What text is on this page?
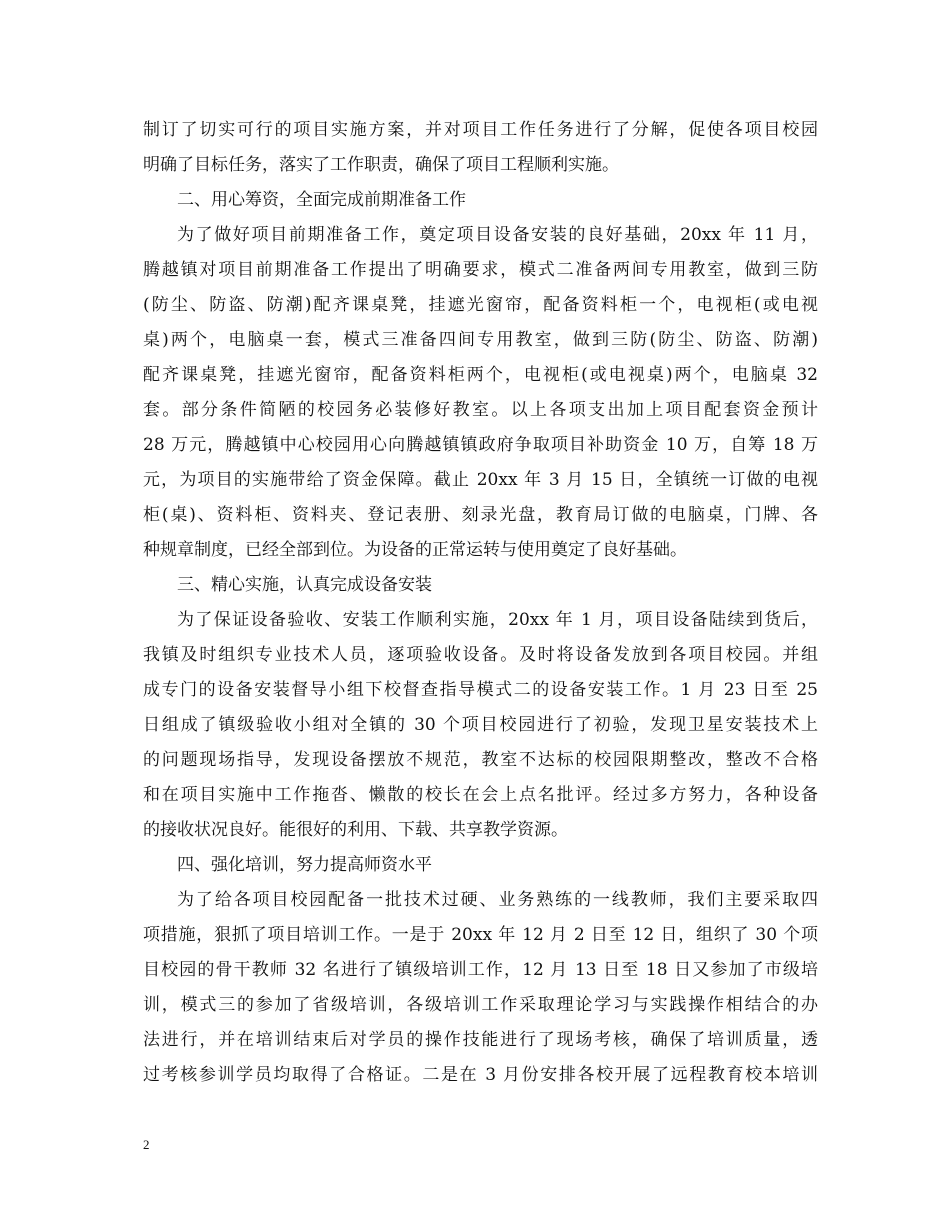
制订了切实可行的项目实施方案，并对项目工作任务进行了分解，促使各项目校园
明确了目标任务，落实了工作职责，确保了项目工程顺利实施。
二、用心筹资，全面完成前期准备工作
为了做好项目前期准备工作，奠定项目设备安装的良好基础，20xx 年 11 月，
腾越镇对项目前期准备工作提出了明确要求，模式二准备两间专用教室，做到三防
(防尘、防盗、防潮)配齐课桌凳，挂遮光窗帘，配备资料柜一个，电视柜(或电视
桌)两个，电脑桌一套，模式三准备四间专用教室，做到三防(防尘、防盗、防潮)
配齐课桌凳，挂遮光窗帘，配备资料柜两个，电视柜(或电视桌)两个，电脑桌 32
套。部分条件简陋的校园务必装修好教室。以上各项支出加上项目配套资金预计
28 万元，腾越镇中心校园用心向腾越镇镇政府争取项目补助资金 10 万，自筹 18 万
元，为项目的实施带给了资金保障。截止 20xx 年 3 月 15 日，全镇统一订做的电视
柜(桌)、资料柜、资料夹、登记表册、刻录光盘，教育局订做的电脑桌，门牌、各
种规章制度，已经全部到位。为设备的正常运转与使用奠定了良好基础。
三、精心实施，认真完成设备安装
为了保证设备验收、安装工作顺利实施，20xx 年 1 月，项目设备陆续到货后，
我镇及时组织专业技术人员，逐项验收设备。及时将设备发放到各项目校园。并组
成专门的设备安装督导小组下校督查指导模式二的设备安装工作。1 月 23 日至 25
日组成了镇级验收小组对全镇的 30 个项目校园进行了初验，发现卫星安装技术上
的问题现场指导，发现设备摆放不规范，教室不达标的校园限期整改，整改不合格
和在项目实施中工作拖沓、懒散的校长在会上点名批评。经过多方努力，各种设备
的接收状况良好。能很好的利用、下载、共享教学资源。
四、强化培训，努力提高师资水平
为了给各项目校园配备一批技术过硬、业务熟练的一线教师，我们主要采取四
项措施，狠抓了项目培训工作。一是于 20xx 年 12 月 2 日至 12 日，组织了 30 个项
目校园的骨干教师 32 名进行了镇级培训工作，12 月 13 日至 18 日又参加了市级培
训，模式三的参加了省级培训，各级培训工作采取理论学习与实践操作相结合的办
法进行，并在培训结束后对学员的操作技能进行了现场考核，确保了培训质量，透
过考核参训学员均取得了合格证。二是在 3 月份安排各校开展了远程教育校本培训
2
